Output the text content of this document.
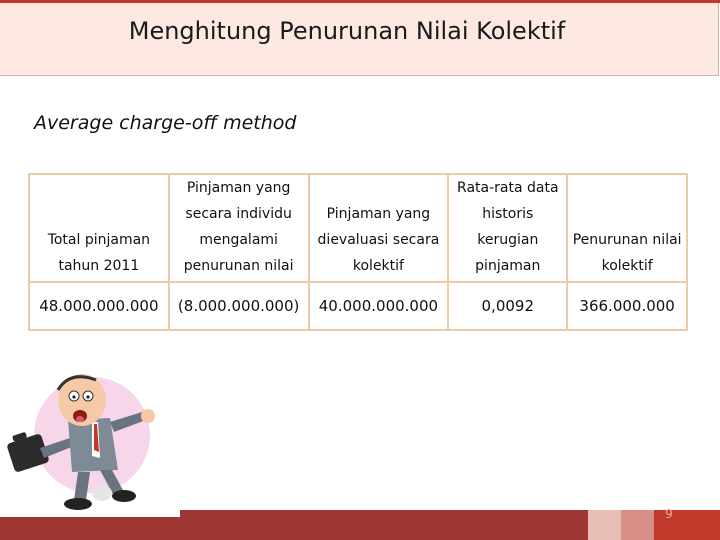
Menghitung Penurunan Nilai Kolektif
Average charge-off method
Total pinjaman tahun 2011	Pinjaman yang secara individu mengalami penurunan nilai	Pinjaman yang dievaluasi secara kolektif	Rata-rata data historis kerugian pinjaman	Penurunan nilai kolektif
48.000.000.000	(8.000.000.000)	40.000.000.000	0,0092	366.000.000
9
